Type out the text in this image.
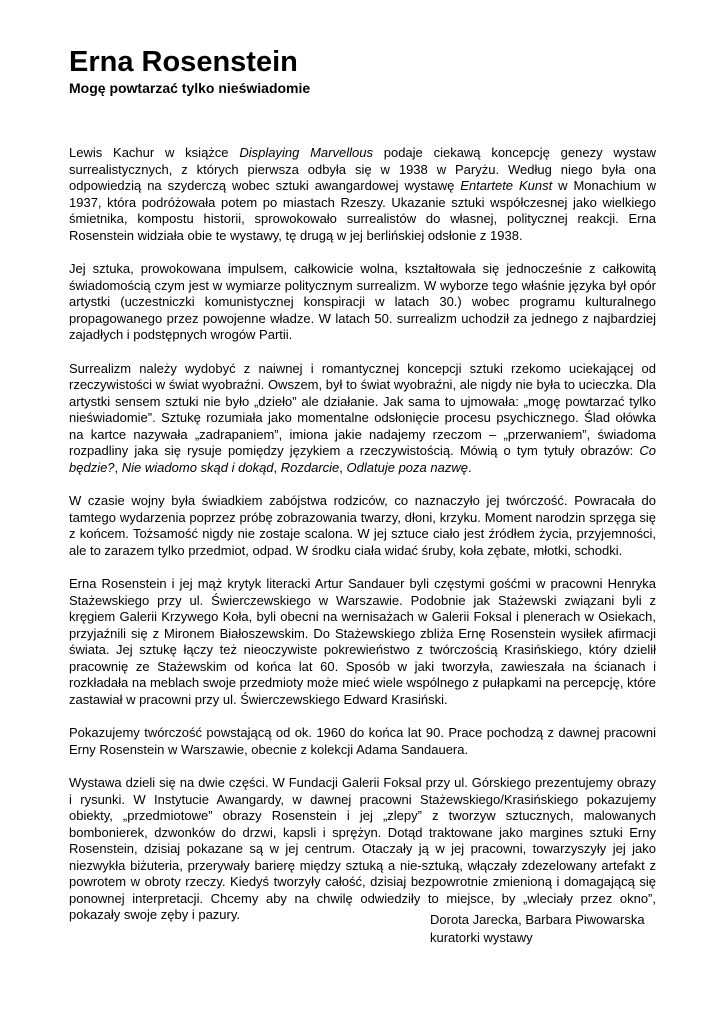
Erna Rosenstein
Mogę powtarzać tylko nieświadomie

Lewis Kachur w książce Displaying Marvellous podaje ciekawą koncepcję genezy wystaw surrealistycznych, z których pierwsza odbyła się w 1938 w Paryżu. Według niego była ona odpowiedzią na szyderczą wobec sztuki awangardowej wystawę Entartete Kunst w Monachium w 1937, która podróżowała potem po miastach Rzeszy. Ukazanie sztuki współczesnej jako wielkiego śmietnika, kompostu historii, sprowokowało surrealistów do własnej, politycznej reakcji. Erna Rosenstein widziała obie te wystawy, tę drugą w jej berlińskiej odsłonie z 1938.

Jej sztuka, prowokowana impulsem, całkowicie wolna, kształtowała się jednocześnie z całkowitą świadomością czym jest w wymiarze politycznym surrealizm. W wyborze tego właśnie języka był opór artystki (uczestniczki komunistycznej konspiracji w latach 30.) wobec programu kulturalnego propagowanego przez powojenne władze. W latach 50. surrealizm uchodził za jednego z najbardziej zajadłych i podstępnych wrogów Partii.

Surrealizm należy wydobyć z naiwnej i romantycznej koncepcji sztuki rzekomo uciekającej od rzeczywistości w świat wyobraźni. Owszem, był to świat wyobraźni, ale nigdy nie była to ucieczka. Dla artystki sensem sztuki nie było „dzieło” ale działanie. Jak sama to ujmowała: „mogę powtarzać tylko nieświadomie”. Sztukę rozumiała jako momentalne odsłonięcie procesu psychicznego. Ślad ołówka na kartce nazywała „zadrapaniem”, imiona jakie nadajemy rzeczom – „przerwaniem”, świadoma rozpadliny jaka się rysuje pomiędzy językiem a rzeczywistością. Mówią o tym tytuły obrazów: Co będzie?, Nie wiadomo skąd i dokąd, Rozdarcie, Odlatuje poza nazwę.

W czasie wojny była świadkiem zabójstwa rodziców, co naznaczyło jej twórczość. Powracała do tamtego wydarzenia poprzez próbę zobrazowania twarzy, dłoni, krzyku. Moment narodzin sprzęga się z końcem. Tożsamość nigdy nie zostaje scalona. W jej sztuce ciało jest źródłem życia, przyjemności, ale to zarazem tylko przedmiot, odpad. W środku ciała widać śruby, koła zębate, młotki, schodki.

Erna Rosenstein i jej mąż krytyk literacki Artur Sandauer byli częstymi gośćmi w pracowni Henryka Stażewskiego przy ul. Świerczewskiego w Warszawie. Podobnie jak Stażewski związani byli z kręgiem Galerii Krzywego Koła, byli obecni na wernisażach w Galerii Foksal i plenerach w Osiekach, przyjaźnili się z Mironem Białoszewskim. Do Stażewskiego zbliża Ernę Rosenstein wysiłek afirmacji świata. Jej sztukę łączy też nieoczywiste pokrewieństwo z twórczością Krasińskiego, który dzielił pracownię ze Stażewskim od końca lat 60. Sposób w jaki tworzyła, zawieszała na ścianach i rozkładała na meblach swoje przedmioty może mieć wiele wspólnego z pułapkami na percepcję, które zastawiał w pracowni przy ul. Świerczewskiego Edward Krasiński.

Pokazujemy twórczość powstającą od ok. 1960 do końca lat 90. Prace pochodzą z dawnej pracowni Erny Rosenstein w Warszawie, obecnie z kolekcji Adama Sandauera.

Wystawa dzieli się na dwie części. W Fundacji Galerii Foksal przy ul. Górskiego prezentujemy obrazy i rysunki. W Instytucie Awangardy, w dawnej pracowni Stażewskiego/Krasińskiego pokazujemy obiekty, „przedmiotowe” obrazy Rosenstein i jej „zlepy” z tworzyw sztucznych, malowanych bombonierek, dzwonków do drzwi, kapsli i sprężyn. Dotąd traktowane jako margines sztuki Erny Rosenstein, dzisiaj pokazane są w jej centrum. Otaczały ją w jej pracowni, towarzyszyły jej jako niezwykła biżuteria, przerywały barierę między sztuką a nie-sztuką, włączały zdezelowany artefakt z powrotem w obroty rzeczy. Kiedyś tworzyły całość, dzisiaj bezpowrotnie zmienioną i domagającą się ponownej interpretacji. Chcemy aby na chwilę odwiedziły to miejsce, by „wleciały przez okno”, pokazały swoje zęby i pazury.	Dorota Jarecka, Barbara Piwowarska
kuratorki wystawy
